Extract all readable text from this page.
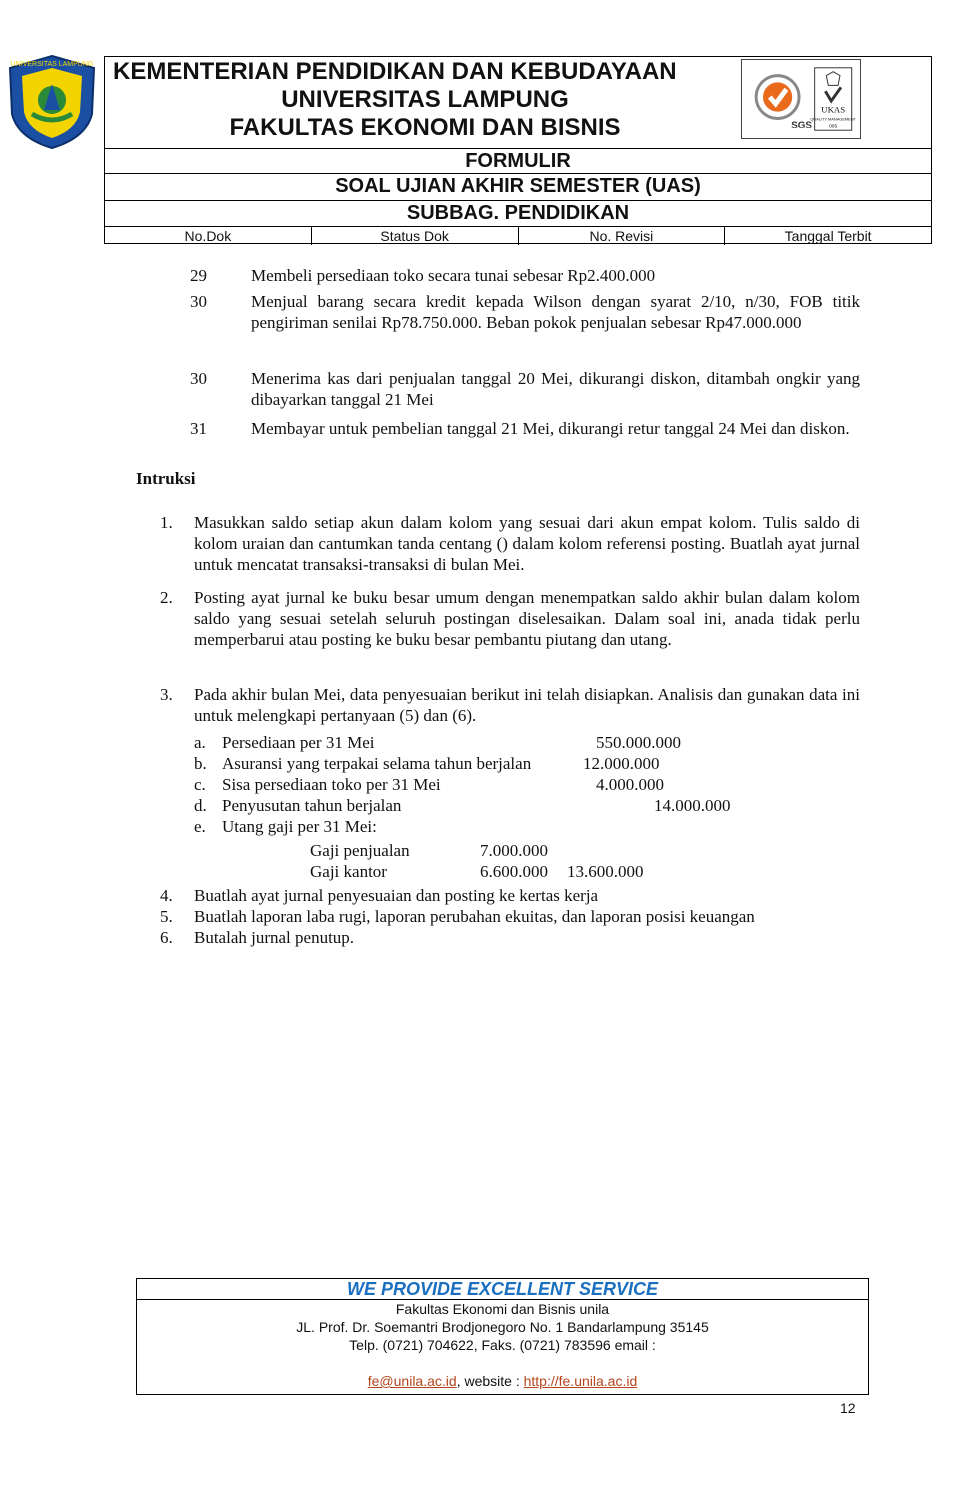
UNIVERSITAS LAMPUNG KEMENTERIAN PENDIDIKAN DAN KEBUDAYAAN
UNIVERSITAS LAMPUNG
FAKULTAS EKONOMI DAN BISNIS	SGS
UKAS
QUALITY MANAGEMENT
005
FORMULIR
SOAL UJIAN AKHIR SEMESTER (UAS)
SUBBAG. PENDIDIKAN
No.Dok	Status Dok	No. Revisi	Tanggal Terbit
29	Membeli persediaan toko secara tunai sebesar Rp2.400.000
30	Menjual barang secara kredit kepada Wilson dengan syarat 2/10, n/30, FOB titik pengiriman senilai Rp78.750.000. Beban pokok penjualan sebesar Rp47.000.000
30	Menerima kas dari penjualan tanggal 20 Mei, dikurangi diskon, ditambah ongkir yang dibayarkan tanggal 21 Mei
31	Membayar untuk pembelian tanggal 21 Mei, dikurangi retur tanggal 24 Mei dan diskon.
Intruksi
1. Masukkan saldo setiap akun dalam kolom yang sesuai dari akun empat kolom. Tulis saldo di kolom uraian dan cantumkan tanda centang () dalam kolom referensi posting. Buatlah ayat jurnal untuk mencatat transaksi-transaksi di bulan Mei.
2. Posting ayat jurnal ke buku besar umum dengan menempatkan saldo akhir bulan dalam kolom saldo yang sesuai setelah seluruh postingan diselesaikan. Dalam soal ini, anada tidak perlu memperbarui atau posting ke buku besar pembantu piutang dan utang.
3. Pada akhir bulan Mei, data penyesuaian berikut ini telah disiapkan. Analisis dan gunakan data ini untuk melengkapi pertanyaan (5) dan (6).
a. Persediaan per 31 Mei	550.000.000
b. Asuransi yang terpakai selama tahun berjalan	12.000.000
c. Sisa persediaan toko per 31 Mei	4.000.000
d. Penyusutan tahun berjalan	14.000.000
e. Utang gaji per 31 Mei:
Gaji penjualan	7.000.000
Gaji kantor	6.600.000 13.600.000
4. Buatlah ayat jurnal penyesuaian dan posting ke kertas kerja
5. Buatlah laporan laba rugi, laporan perubahan ekuitas, dan laporan posisi keuangan
6. Butalah jurnal penutup.
WE PROVIDE EXCELLENT SERVICE
Fakultas Ekonomi dan Bisnis unila
JL. Prof. Dr. Soemantri Brodjonegoro No. 1 Bandarlampung 35145
Telp. (0721) 704622, Faks. (0721) 783596 email :
fe@unila.ac.id, website : http://fe.unila.ac.id
12
